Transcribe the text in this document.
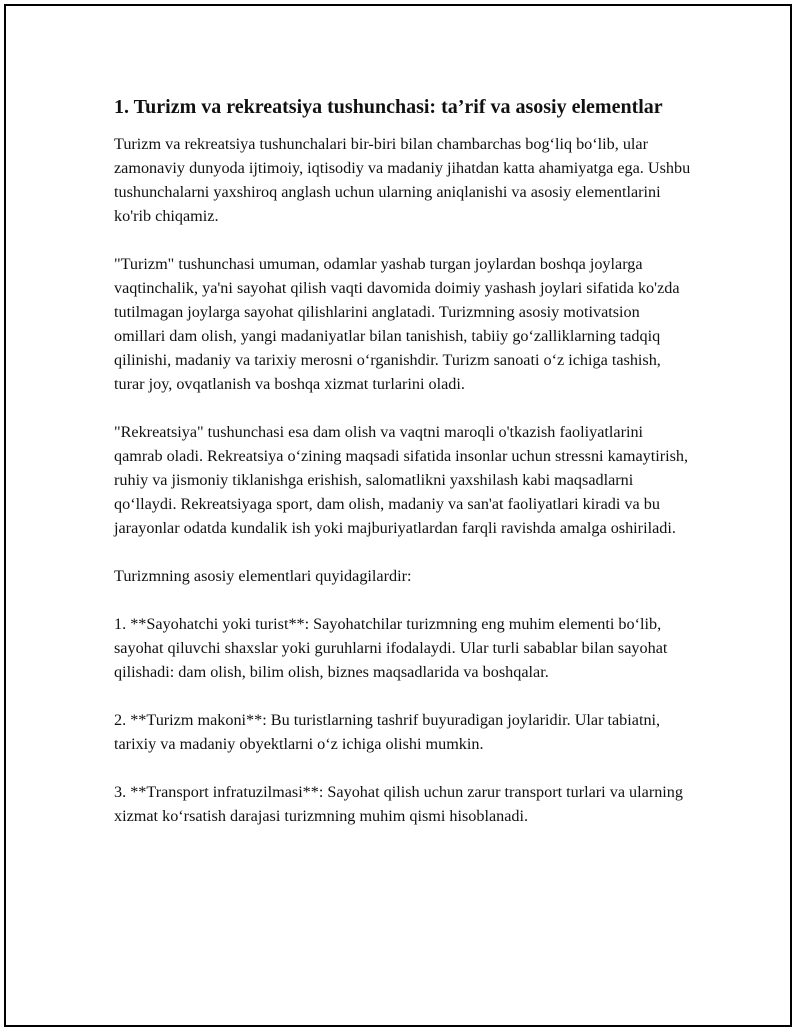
1. Turizm va rekreatsiya tushunchasi: ta’rif va asosiy elementlar

Turizm va rekreatsiya tushunchalari bir-biri bilan chambarchas bog‘liq bo‘lib, ular zamonaviy dunyoda ijtimoiy, iqtisodiy va madaniy jihatdan katta ahamiyatga ega. Ushbu tushunchalarni yaxshiroq anglash uchun ularning aniqlanishi va asosiy elementlarini ko'rib chiqamiz.

"Turizm" tushunchasi umuman, odamlar yashab turgan joylardan boshqa joylarga vaqtinchalik, ya'ni sayohat qilish vaqti davomida doimiy yashash joylari sifatida ko'zda tutilmagan joylarga sayohat qilishlarini anglatadi. Turizmning asosiy motivatsion omillari dam olish, yangi madaniyatlar bilan tanishish, tabiiy go‘zalliklarning tadqiq qilinishi, madaniy va tarixiy merosni o‘rganishdir. Turizm sanoati o‘z ichiga tashish, turar joy, ovqatlanish va boshqa xizmat turlarini oladi.

"Rekreatsiya" tushunchasi esa dam olish va vaqtni maroqli o'tkazish faoliyatlarini qamrab oladi. Rekreatsiya o‘zining maqsadi sifatida insonlar uchun stressni kamaytirish, ruhiy va jismoniy tiklanishga erishish, salomatlikni yaxshilash kabi maqsadlarni qo‘llaydi. Rekreatsiyaga sport, dam olish, madaniy va san'at faoliyatlari kiradi va bu jarayonlar odatda kundalik ish yoki majburiyatlardan farqli ravishda amalga oshiriladi.

Turizmning asosiy elementlari quyidagilardir:

1. **Sayohatchi yoki turist**: Sayohatchilar turizmning eng muhim elementi bo‘lib, sayohat qiluvchi shaxslar yoki guruhlarni ifodalaydi. Ular turli sabablar bilan sayohat qilishadi: dam olish, bilim olish, biznes maqsadlarida va boshqalar.

2. **Turizm makoni**: Bu turistlarning tashrif buyuradigan joylaridir. Ular tabiatni, tarixiy va madaniy obyektlarni o‘z ichiga olishi mumkin.

3. **Transport infratuzilmasi**: Sayohat qilish uchun zarur transport turlari va ularning xizmat ko‘rsatish darajasi turizmning muhim qismi hisoblanadi.
